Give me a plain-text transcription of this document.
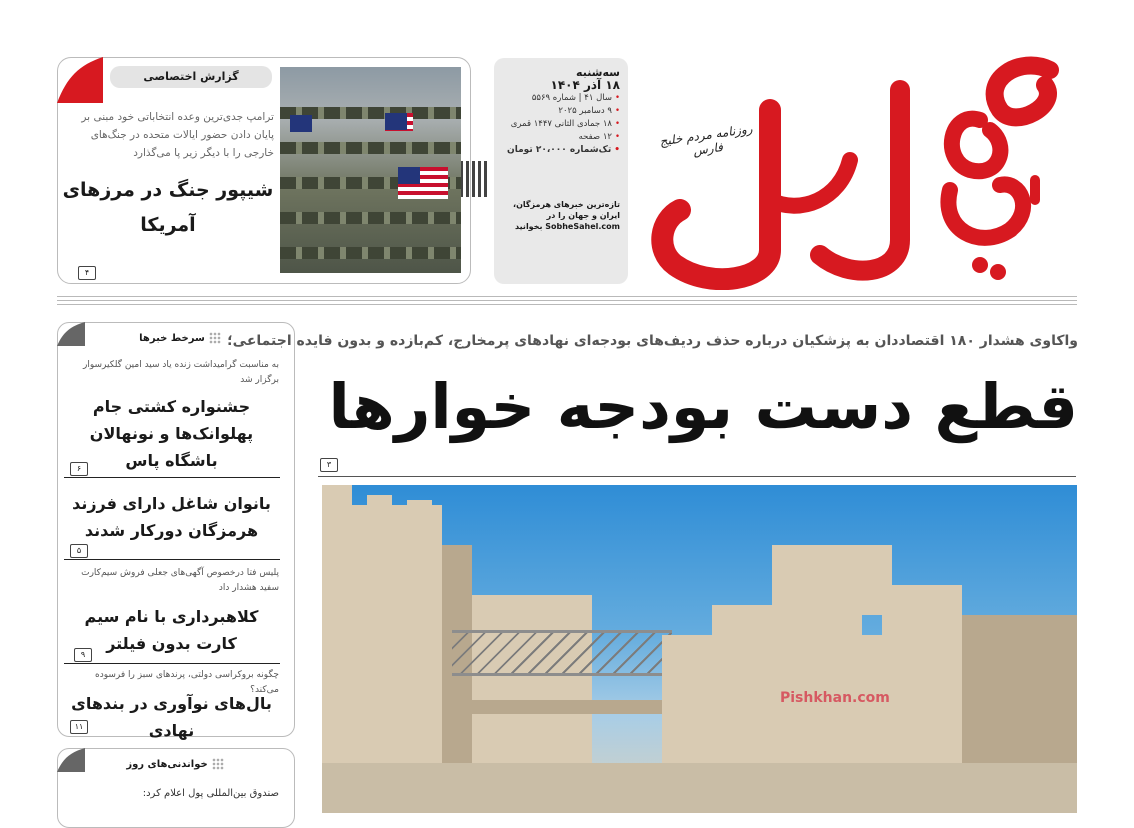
روزنامه مردم خلیج فارس
سه‌شنبه
۱۸ آذر ۱۴۰۴
•سال ۴۱ | شماره ۵۵۶۹
•۹ دسامبر ۲۰۲۵
•۱۸ جمادی الثانی ۱۴۴۷ قمری
•۱۲ صفحه
•تک‌شماره ۲۰،۰۰۰ تومان
تازه‌ترین خبرهای هرمزگان، ایران و جهان را در SobheSahel.com بخوانید
گزارش اختصاصی
ترامپ جدی‌ترین وعده انتخاباتی خود مبنی بر پایان دادن حضور ایالات متحده در جنگ‌های خارجی را با دیگر زیر پا می‌گذارد
شیپور جنگ در مرزهای آمریکا
۴
سرخط خبرها
به مناسبت گرامیداشت زنده یاد سید امین گلکیرسوار برگزار شد
جشنواره کشتی جام پهلوانک‌ها و نونهالان باشگاه پاس
۶
بانوان شاغل دارای فرزند هرمزگان دورکار شدند
۵
پلیس فتا درخصوص آگهی‌های جعلی فروش سیم‌کارت سفید هشدار داد
کلاهبرداری با نام سیم کارت بدون فیلتر
۹
چگونه بروکراسی دولتی، پرندهای سبز را فرسوده می‌کند؟
بال‌های نوآوری در بندهای نهادی
۱۱
خواندنی‌های روز
صندوق بین‌المللی پول اعلام کرد:
واکاوی هشدار ۱۸۰ اقتصاددان به پزشکیان درباره حذف ردیف‌های بودجه‌ای نهادهای پرمخارج، کم‌بازده و بدون فایده اجتماعی؛
قطع دست بودجه خوارها
۳
Pishkhan.com
